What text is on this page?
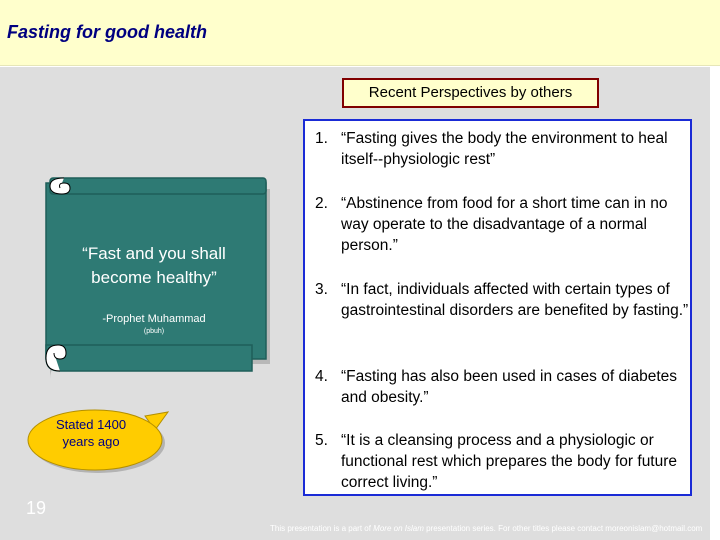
Fasting for good health
Recent Perspectives by others
“Fast and you shall become healthy”
-Prophet Muhammad
(pbuh)
Stated 1400 years ago
1. “Fasting gives the body the environment to heal itself--physiologic rest”
2. “Abstinence from food for a short time can in no way operate to the disadvantage of a normal person.”
3. “In fact, individuals affected with certain types of gastrointestinal disorders are benefited by fasting.”
4. “Fasting has also been used in cases of diabetes and obesity.”
5. “It is a cleansing process and a physiologic or functional rest which prepares the body for future correct living.”
19
This presentation is a part of More on Islam presentation series. For other titles please contact moreonislam@hotmail.com
